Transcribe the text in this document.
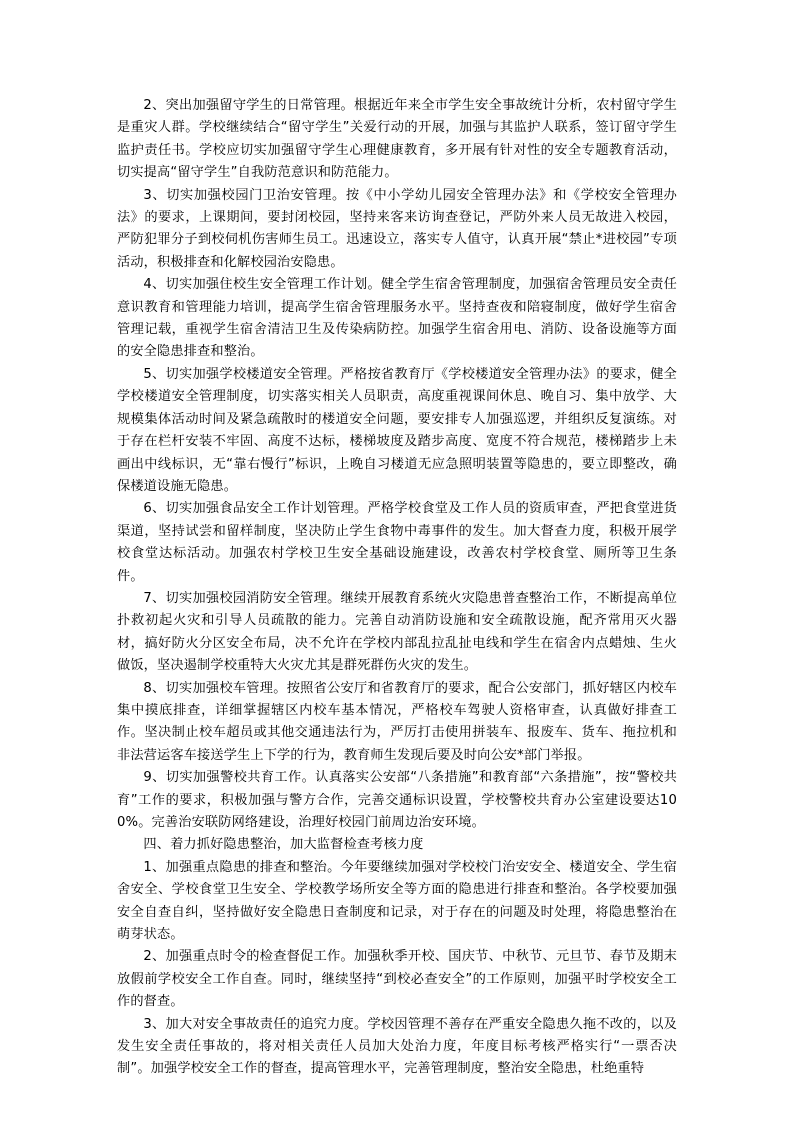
2、突出加强留守学生的日常管理。根据近年来全市学生安全事故统计分析，农村留守学生是重灾人群。学校继续结合“留守学生”关爱行动的开展，加强与其监护人联系，签订留守学生监护责任书。学校应切实加强留守学生心理健康教育，多开展有针对性的安全专题教育活动，切实提高“留守学生”自我防范意识和防范能力。

3、切实加强校园门卫治安管理。按《中小学幼儿园安全管理办法》和《学校安全管理办法》的要求，上课期间，要封闭校园，坚持来客来访询查登记，严防外来人员无故进入校园，严防犯罪分子到校伺机伤害师生员工。迅速设立，落实专人值守，认真开展“禁止*进校园”专项活动，积极排查和化解校园治安隐患。

4、切实加强住校生安全管理工作计划。健全学生宿舍管理制度，加强宿舍管理员安全责任意识教育和管理能力培训，提高学生宿舍管理服务水平。坚持查夜和陪寝制度，做好学生宿舍管理记载，重视学生宿舍清洁卫生及传染病防控。加强学生宿舍用电、消防、设备设施等方面的安全隐患排查和整治。

5、切实加强学校楼道安全管理。严格按省教育厅《学校楼道安全管理办法》的要求，健全学校楼道安全管理制度，切实落实相关人员职责，高度重视课间休息、晚自习、集中放学、大规模集体活动时间及紧急疏散时的楼道安全问题，要安排专人加强巡逻，并组织反复演练。对于存在栏杆安装不牢固、高度不达标，楼梯坡度及踏步高度、宽度不符合规范，楼梯踏步上未画出中线标识，无“靠右慢行”标识，上晚自习楼道无应急照明装置等隐患的，要立即整改，确保楼道设施无隐患。

6、切实加强食品安全工作计划管理。严格学校食堂及工作人员的资质审查，严把食堂进货渠道，坚持试尝和留样制度，坚决防止学生食物中毒事件的发生。加大督查力度，积极开展学校食堂达标活动。加强农村学校卫生安全基础设施建设，改善农村学校食堂、厕所等卫生条件。

7、切实加强校园消防安全管理。继续开展教育系统火灾隐患普查整治工作，不断提高单位扑救初起火灾和引导人员疏散的能力。完善自动消防设施和安全疏散设施，配齐常用灭火器材，搞好防火分区安全布局，决不允许在学校内部乱拉乱扯电线和学生在宿舍内点蜡烛、生火做饭，坚决遏制学校重特大火灾尤其是群死群伤火灾的发生。

8、切实加强校车管理。按照省公安厅和省教育厅的要求，配合公安部门，抓好辖区内校车集中摸底排查，详细掌握辖区内校车基本情况，严格校车驾驶人资格审查，认真做好排查工作。坚决制止校车超员或其他交通违法行为，严厉打击使用拼装车、报废车、货车、拖拉机和非法营运客车接送学生上下学的行为，教育师生发现后要及时向公安*部门举报。

9、切实加强警校共育工作。认真落实公安部“八条措施”和教育部“六条措施”，按“警校共育”工作的要求，积极加强与警方合作，完善交通标识设置，学校警校共育办公室建设要达100%。完善治安联防网络建设，治理好校园门前周边治安环境。

四、着力抓好隐患整治，加大监督检查考核力度

1、加强重点隐患的排查和整治。今年要继续加强对学校校门治安安全、楼道安全、学生宿舍安全、学校食堂卫生安全、学校教学场所安全等方面的隐患进行排查和整治。各学校要加强安全自查自纠，坚持做好安全隐患日查制度和记录，对于存在的问题及时处理，将隐患整治在萌芽状态。

2、加强重点时令的检查督促工作。加强秋季开校、国庆节、中秋节、元旦节、春节及期末放假前学校安全工作自查。同时，继续坚持“到校必查安全”的工作原则，加强平时学校安全工作的督查。

3、加大对安全事故责任的追究力度。学校因管理不善存在严重安全隐患久拖不改的，以及发生安全责任事故的，将对相关责任人员加大处治力度，年度目标考核严格实行“一票否决制”。加强学校安全工作的督查，提高管理水平，完善管理制度，整治安全隐患，杜绝重特
